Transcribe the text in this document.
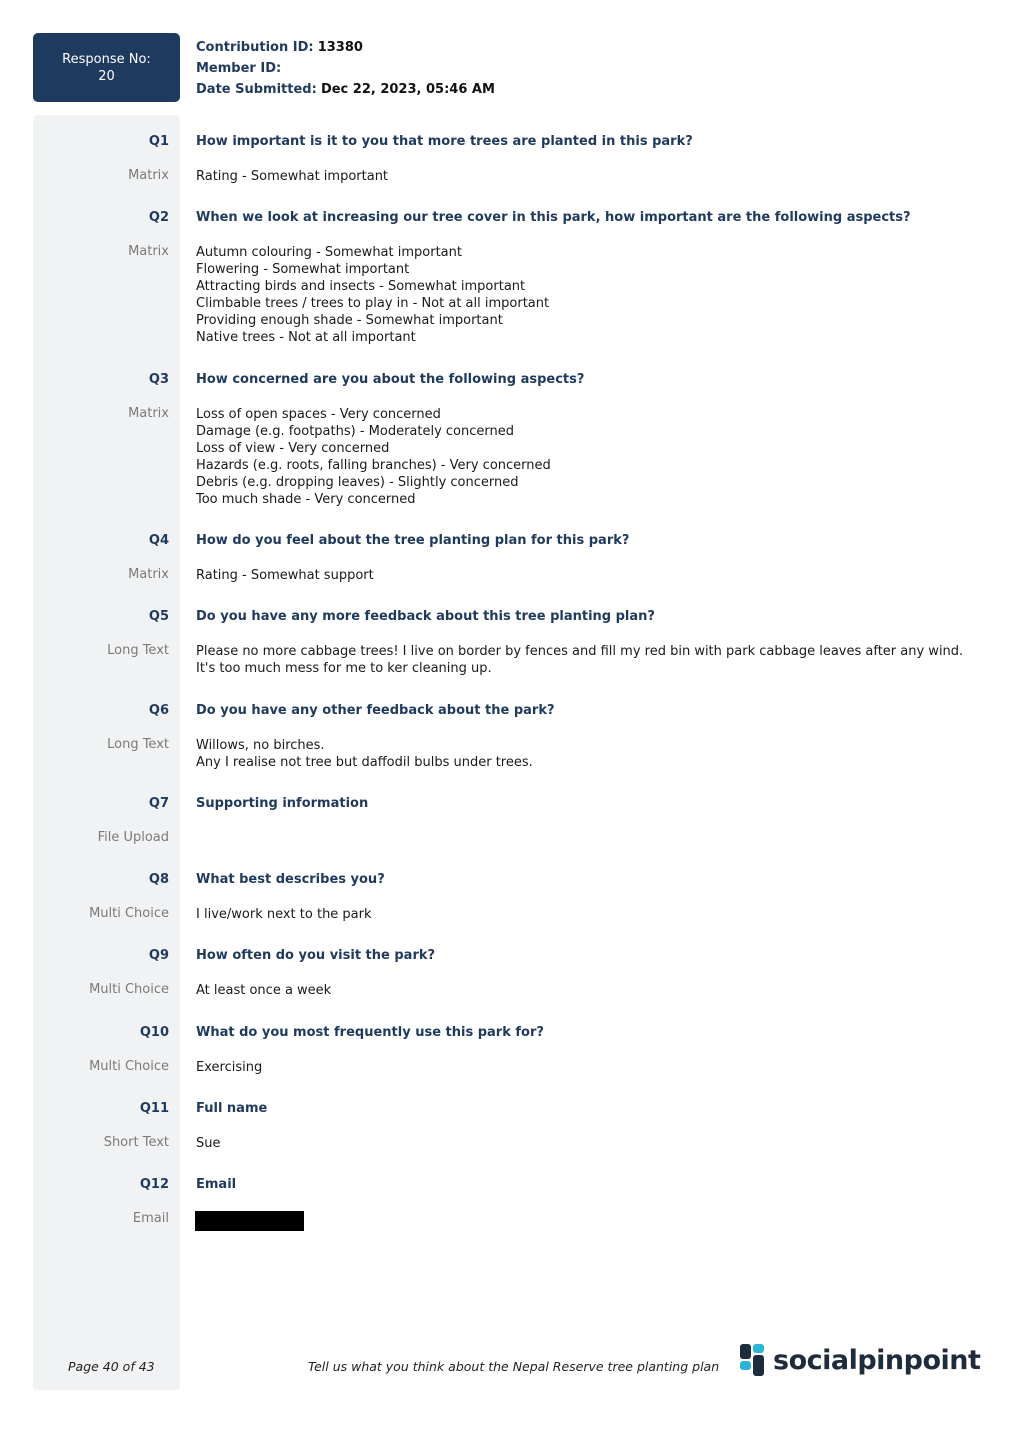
Response No:
20
Contribution ID: 13380
Member ID:
Date Submitted: Dec 22, 2023, 05:46 AM
Q1 How important is it to you that more trees are planted in this park?
Matrix Rating - Somewhat important
Q2 When we look at increasing our tree cover in this park, how important are the following aspects?
Matrix Autumn colouring - Somewhat important
Flowering - Somewhat important
Attracting birds and insects - Somewhat important
Climbable trees / trees to play in - Not at all important
Providing enough shade - Somewhat important
Native trees - Not at all important
Q3 How concerned are you about the following aspects?
Matrix Loss of open spaces - Very concerned
Damage (e.g. footpaths) - Moderately concerned
Loss of view - Very concerned
Hazards (e.g. roots, falling branches) - Very concerned
Debris (e.g. dropping leaves) - Slightly concerned
Too much shade - Very concerned
Q4 How do you feel about the tree planting plan for this park?
Matrix Rating - Somewhat support
Q5 Do you have any more feedback about this tree planting plan?
Long Text Please no more cabbage trees! I live on border by fences and fill my red bin with park cabbage leaves after any wind.
It's too much mess for me to ker cleaning up.
Q6 Do you have any other feedback about the park?
Long Text Willows, no birches.
Any I realise not tree but daffodil bulbs under trees.
Q7 Supporting information
File Upload
Q8 What best describes you?
Multi Choice I live/work next to the park
Q9 How often do you visit the park?
Multi Choice At least once a week
Q10 What do you most frequently use this park for?
Multi Choice Exercising
Q11 Full name
Short Text Sue
Q12 Email
Email
Page 40 of 43	Tell us what you think about the Nepal Reserve tree planting plan socialpinpoint
